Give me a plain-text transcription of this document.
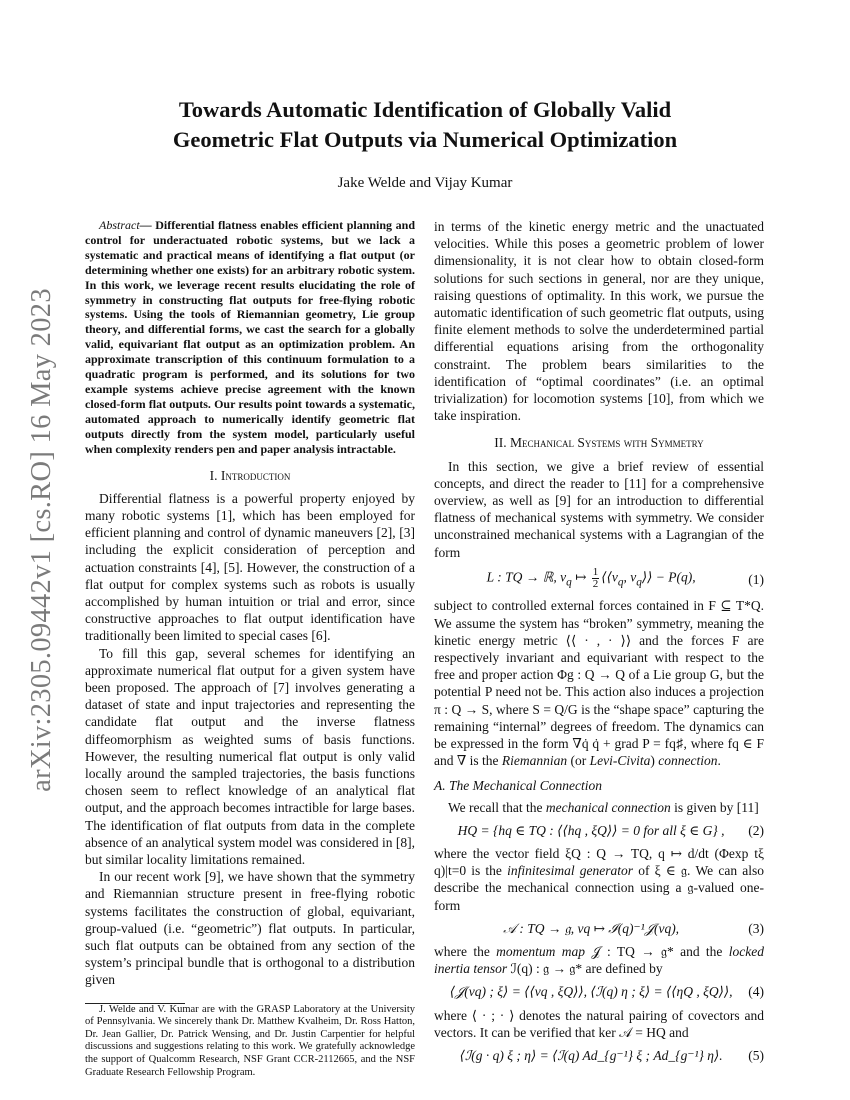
arXiv:2305.09442v1 [cs.RO] 16 May 2023
Towards Automatic Identification of Globally Valid
Geometric Flat Outputs via Numerical Optimization
Jake Welde and Vijay Kumar

Abstract— Differential flatness enables efficient planning and control for underactuated robotic systems, but we lack a systematic and practical means of identifying a flat output (or determining whether one exists) for an arbitrary robotic system. In this work, we leverage recent results elucidating the role of symmetry in constructing flat outputs for free-flying robotic systems. Using the tools of Riemannian geometry, Lie group theory, and differential forms, we cast the search for a globally valid, equivariant flat output as an optimization problem. An approximate transcription of this continuum formulation to a quadratic program is performed, and its solutions for two example systems achieve precise agreement with the known closed-form flat outputs. Our results point towards a systematic, automated approach to numerically identify geometric flat outputs directly from the system model, particularly useful when complexity renders pen and paper analysis intractable.

I. Introduction

Differential flatness is a powerful property enjoyed by many robotic systems [1], which has been employed for efficient planning and control of dynamic maneuvers [2], [3] including the explicit consideration of perception and actuation constraints [4], [5]. However, the construction of a flat output for complex systems such as robots is usually accomplished by human intuition or trial and error, since constructive approaches to flat output identification have traditionally been limited to special cases [6].

To fill this gap, several schemes for identifying an approximate numerical flat output for a given system have been proposed. The approach of [7] involves generating a dataset of state and input trajectories and representing the candidate flat output and the inverse flatness diffeomorphism as weighted sums of basis functions. However, the resulting numerical flat output is only valid locally around the sampled trajectories, the basis functions chosen seem to reflect knowledge of an analytical flat output, and the approach becomes intractible for large bases. The identification of flat outputs from data in the complete absence of an analytical system model was considered in [8], but similar locality limitations remained.

In our recent work [9], we have shown that the symmetry and Riemannian structure present in free-flying robotic systems facilitates the construction of global, equivariant, group-valued (i.e. “geometric”) flat outputs. In particular, such flat outputs can be obtained from any section of the system’s principal bundle that is orthogonal to a distribution given

J. Welde and V. Kumar are with the GRASP Laboratory at the University of Pennsylvania. We sincerely thank Dr. Matthew Kvalheim, Dr. Ross Hatton, Dr. Jean Gallier, Dr. Patrick Wensing, and Dr. Justin Carpentier for helpful discussions and suggestions relating to this work. We gratefully acknowledge the support of Qualcomm Research, NSF Grant CCR-2112665, and the NSF Graduate Research Fellowship Program.

in terms of the kinetic energy metric and the unactuated velocities. While this poses a geometric problem of lower dimensionality, it is not clear how to obtain closed-form solutions for such sections in general, nor are they unique, raising questions of optimality. In this work, we pursue the automatic identification of such geometric flat outputs, using finite element methods to solve the underdetermined partial differential equations arising from the orthogonality constraint. The problem bears similarities to the identification of “optimal coordinates” (i.e. an optimal trivialization) for locomotion systems [10], from which we take inspiration.

II. Mechanical Systems with Symmetry

In this section, we give a brief review of essential concepts, and direct the reader to [11] for a comprehensive overview, as well as [9] for an introduction to differential flatness of mechanical systems with symmetry. We consider unconstrained mechanical systems with a Lagrangian of the form

L : TQ → ℝ, $v_q$ ↦ $\frac{1}{2}$ $⟨⟨v_q$, $v_q⟩⟩ - P(q)$,	(1)

subject to controlled external forces contained in F ⊆ T*Q. We assume the system has “broken” symmetry, meaning the kinetic energy metric ⟨⟨ · , · ⟩⟩ and the forces F are respectively invariant and equivariant with respect to the free and proper action Φg : Q → Q of a Lie group G, but the potential P need not be. This action also induces a projection π : Q → S, where S = Q/G is the “shape space” capturing the remaining “internal” degrees of freedom. The dynamics can be expressed in the form ∇q̇ q̇ + grad P = fq♯, where fq ∈ F and ∇ is the Riemannian (or Levi-Civita) connection.

A. The Mechanical Connection

We recall that the mechanical connection is given by [11]

HQ = {hq ∈ TQ : ⟨⟨hq , ξQ⟩⟩ = 0 for all ξ ∈ G} ,	(2)

where the vector field ξQ : Q → TQ, q ↦ d/dt (Φexp tξ q)|t=0 is the infinitesimal generator of ξ ∈ 𝔤. We can also describe the mechanical connection using a 𝔤-valued one-form

𝒜 : TQ → 𝔤, vq ↦ ℐ(q)⁻¹𝒥(vq),	(3)

where the momentum map 𝒥 : TQ → 𝔤* and the locked inertia tensor ℐ(q) : 𝔤 → 𝔤* are defined by

⟨𝒥(vq) ; ξ⟩ = ⟨⟨vq , ξQ⟩⟩, ⟨ℐ(q) η ; ξ⟩ = ⟨⟨ηQ , ξQ⟩⟩,	(4)

where ⟨ · ; · ⟩ denotes the natural pairing of covectors and vectors. It can be verified that ker 𝒜 = HQ and

⟨ℐ(g · q) ξ ; η⟩ = ⟨ℐ(q) Ad_{g⁻¹} ξ ; Ad_{g⁻¹} η⟩.	(5)
